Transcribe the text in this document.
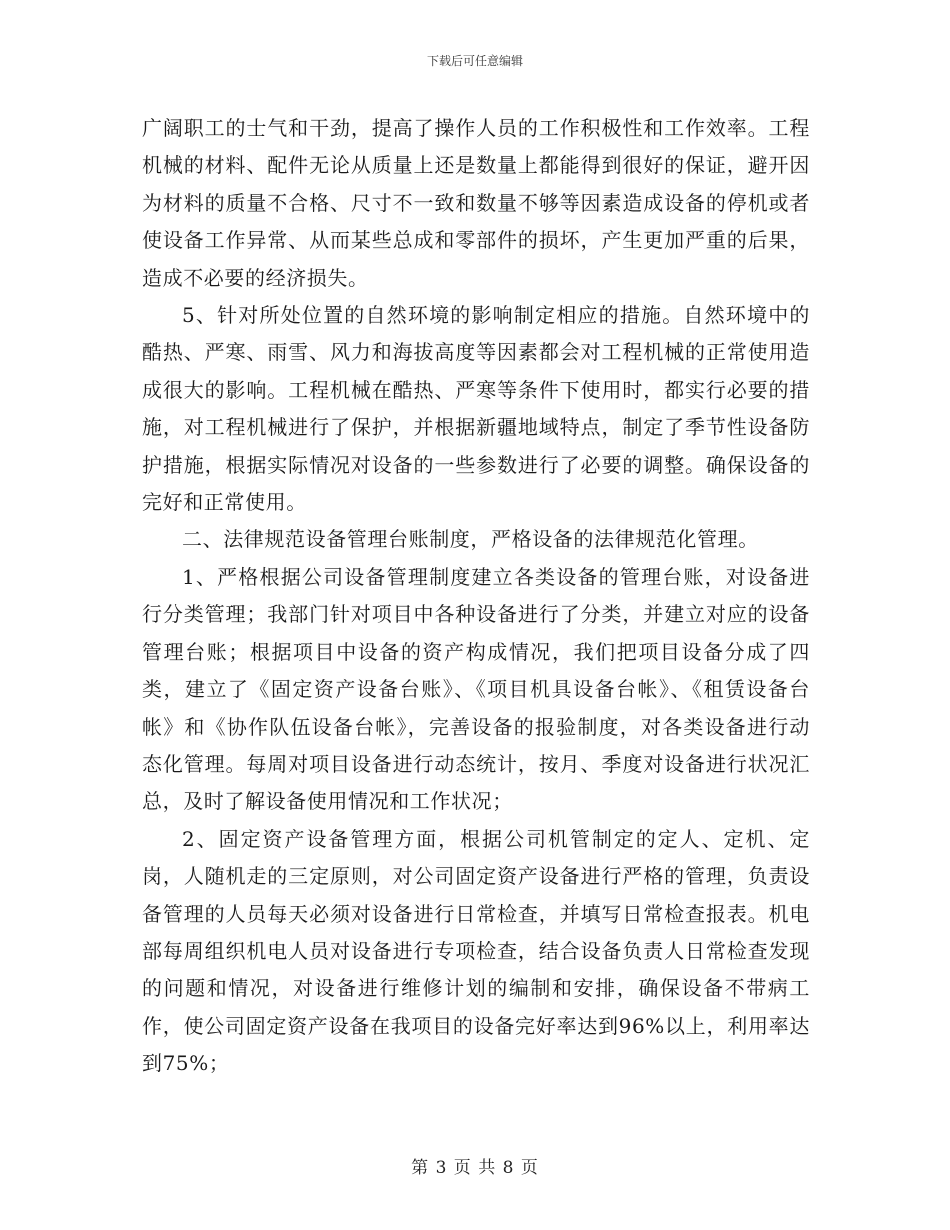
下载后可任意编辑

广阔职工的士气和干劲，提高了操作人员的工作积极性和工作效率。工程机械的材料、配件无论从质量上还是数量上都能得到很好的保证，避开因为材料的质量不合格、尺寸不一致和数量不够等因素造成设备的停机或者使设备工作异常、从而某些总成和零部件的损坏，产生更加严重的后果，造成不必要的经济损失。

5、针对所处位置的自然环境的影响制定相应的措施。自然环境中的酷热、严寒、雨雪、风力和海拔高度等因素都会对工程机械的正常使用造成很大的影响。工程机械在酷热、严寒等条件下使用时，都实行必要的措施，对工程机械进行了保护，并根据新疆地域特点，制定了季节性设备防护措施，根据实际情况对设备的一些参数进行了必要的调整。确保设备的完好和正常使用。

二、法律规范设备管理台账制度，严格设备的法律规范化管理。

1、严格根据公司设备管理制度建立各类设备的管理台账，对设备进行分类管理；我部门针对项目中各种设备进行了分类，并建立对应的设备管理台账；根据项目中设备的资产构成情况，我们把项目设备分成了四类，建立了《固定资产设备台账》、《项目机具设备台帐》、《租赁设备台帐》和《协作队伍设备台帐》，完善设备的报验制度，对各类设备进行动态化管理。每周对项目设备进行动态统计，按月、季度对设备进行状况汇总，及时了解设备使用情况和工作状况；

2、固定资产设备管理方面，根据公司机管制定的定人、定机、定岗，人随机走的三定原则，对公司固定资产设备进行严格的管理，负责设备管理的人员每天必须对设备进行日常检查，并填写日常检查报表。机电部每周组织机电人员对设备进行专项检查，结合设备负责人日常检查发现的问题和情况，对设备进行维修计划的编制和安排，确保设备不带病工作，使公司固定资产设备在我项目的设备完好率达到96%以上，利用率达到75%；

第 3 页 共 8 页
